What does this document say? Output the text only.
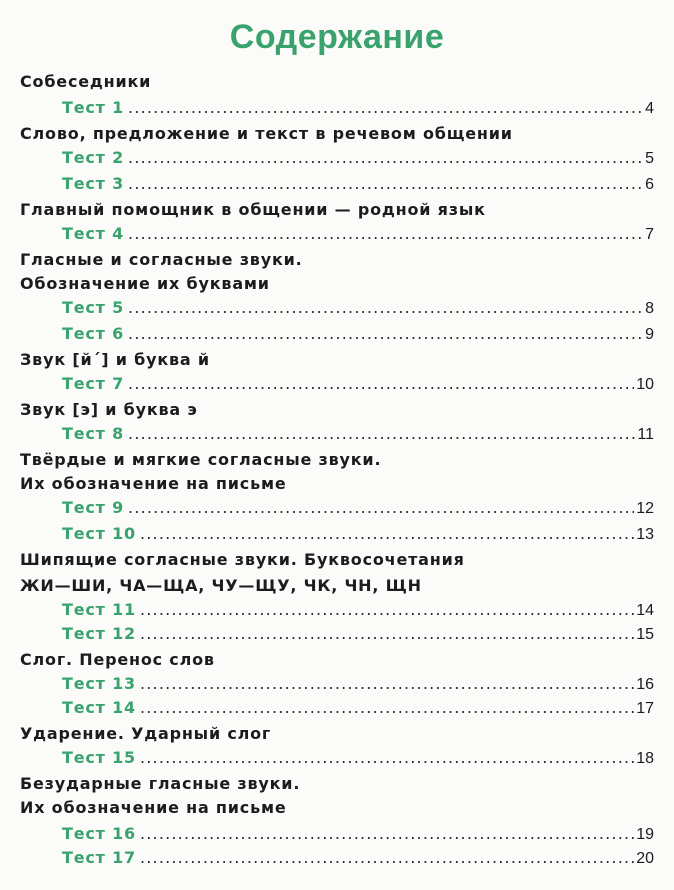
Содержание
Собеседники
Тест 1 .....	4
Слово, предложение и текст в речевом общении
Тест 2 .....	5
Тест 3 .....	6
Главный помощник в общении — родной язык
Тест 4 .....	7
Гласные и согласные звуки.
Обозначение их буквами
Тест 5 .....	8
Тест 6 .....	9
Звук [й´] и буква й
Тест 7 .....	10
Звук [э] и буква э
Тест 8 .....	11
Твёрдые и мягкие согласные звуки.
Их обозначение на письме
Тест 9 .....	12
Тест 10 .....	13
Шипящие согласные звуки. Буквосочетания
ЖИ—ШИ, ЧА—ЩА, ЧУ—ЩУ, ЧК, ЧН, ЩН
Тест 11 .....	14
Тест 12 .....	15
Слог. Перенос слов
Тест 13 .....	16
Тест 14 .....	17
Ударение. Ударный слог
Тест 15 .....	18
Безударные гласные звуки.
Их обозначение на письме
Тест 16 .....	19
Тест 17 .....	20
